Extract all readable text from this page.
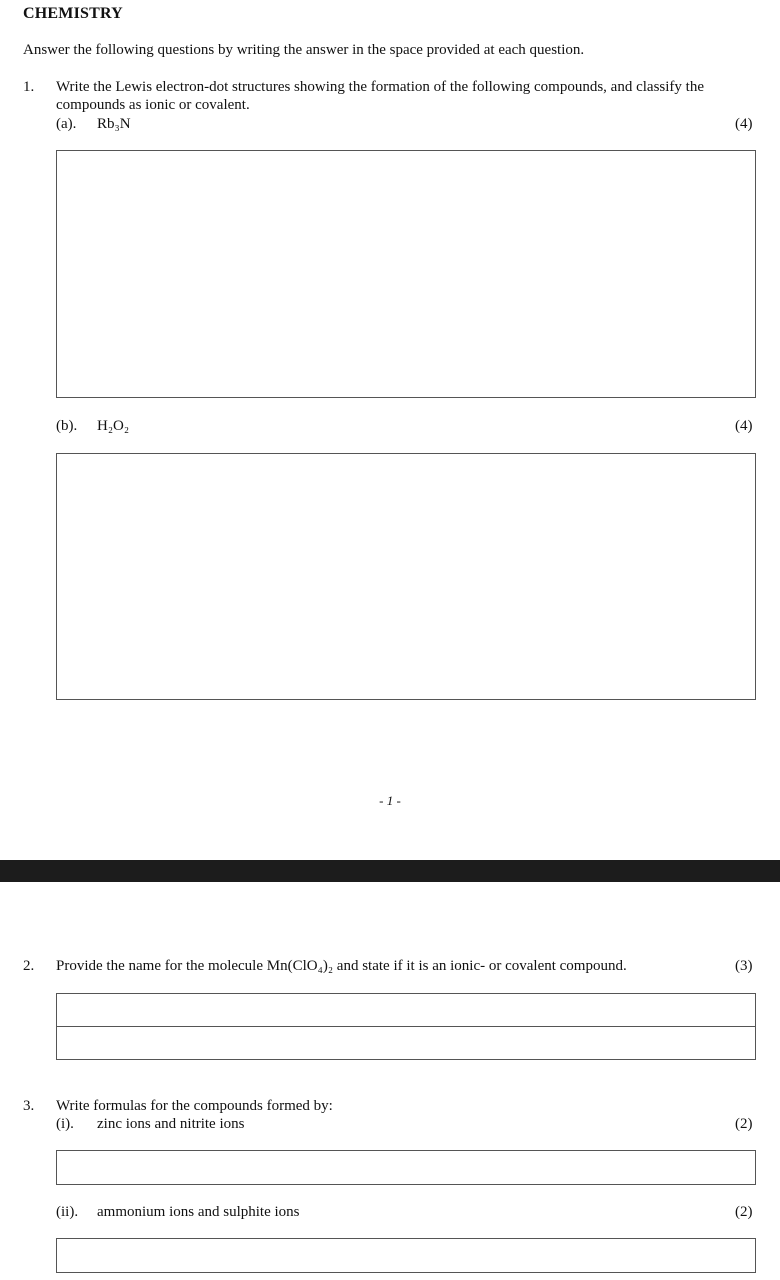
CHEMISTRY
Answer the following questions by writing the answer in the space provided at each question.
1. Write the Lewis electron-dot structures showing the formation of the following compounds, and classify the
compounds as ionic or covalent.
(a). Rb₃N	(4)
(b). H₂O₂	(4)
- 1 -
2. Provide the name for the molecule Mn(ClO₄)₂ and state if it is an ionic- or covalent compound.	(3)
3. Write formulas for the compounds formed by:
(i). zinc ions and nitrite ions	(2)
(ii). ammonium ions and sulphite ions	(2)
